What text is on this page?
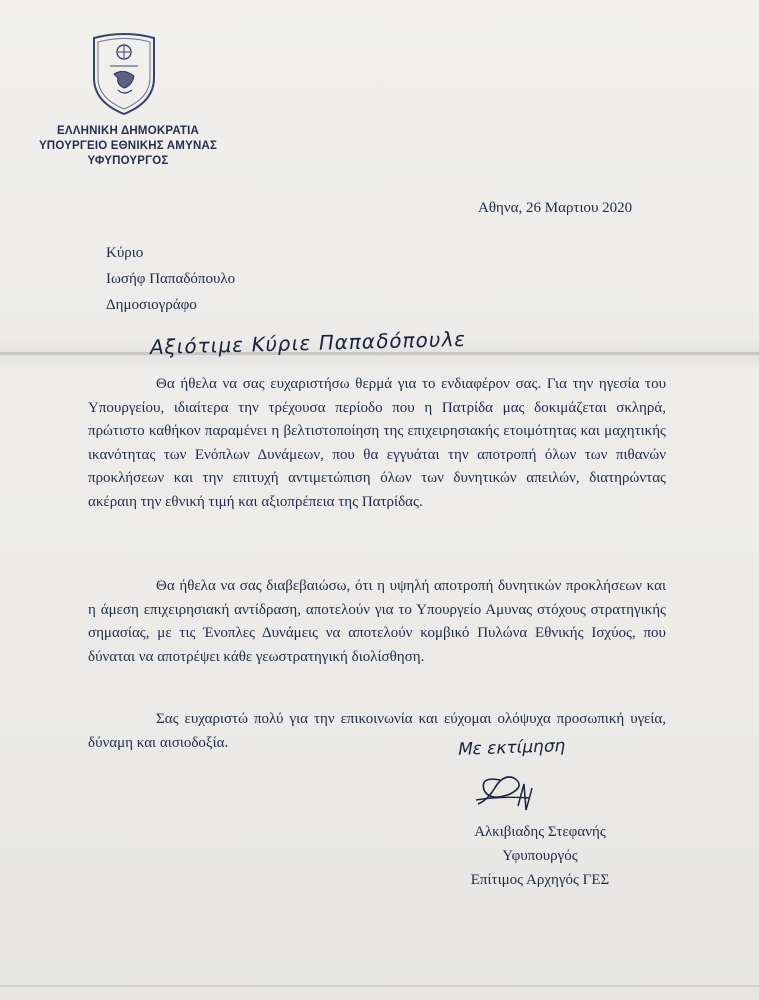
ΕΛΛΗΝΙΚΗ ΔΗΜΟΚΡΑΤΙΑ
ΥΠΟΥΡΓΕΙΟ ΕΘΝΙΚΗΣ ΑΜΥΝΑΣ
ΥΦΥΠΟΥΡΓΟΣ
Αθηνα, 26 Μαρτιου 2020
Κύριο
Ιωσήφ Παπαδόπουλο
Δημοσιογράφο
Αξιότιμε Κύριε Παπαδόπουλε
Θα ήθελα να σας ευχαριστήσω θερμά για το ενδιαφέρον σας. Για την ηγεσία του Υπουργείου, ιδιαίτερα την τρέχουσα περίοδο που η Πατρίδα μας δοκιμάζεται σκληρά, πρώτιστο καθήκον παραμένει η βελτιστοποίηση της επιχειρησιακής ετοιμότητας και μαχητικής ικανότητας των Ενόπλων Δυνάμεων, που θα εγγυάται την αποτροπή όλων των πιθανών προκλήσεων και την επιτυχή αντιμετώπιση όλων των δυνητικών απειλών, διατηρώντας ακέραιη την εθνική τιμή και αξιοπρέπεια της Πατρίδας.
Θα ήθελα να σας διαβεβαιώσω, ότι η υψηλή αποτροπή δυνητικών προκλήσεων και η άμεση επιχειρησιακή αντίδραση, αποτελούν για το Υπουργείο Αμυνας στόχους στρατηγικής σημασίας, με τις Ένοπλες Δυνάμεις να αποτελούν κομβικό Πυλώνα Εθνικής Ισχύος, που δύναται να αποτρέψει κάθε γεωστρατηγική διολίσθηση.
Σας ευχαριστώ πολύ για την επικοινωνία και εύχομαι ολόψυχα προσωπική υγεία, δύναμη και αισιοδοξία.	Με εκτίμηση
Αλκιβιαδης Στεφανής
Υφυπουργός
Επίτιμος Αρχηγός ΓΕΣ
